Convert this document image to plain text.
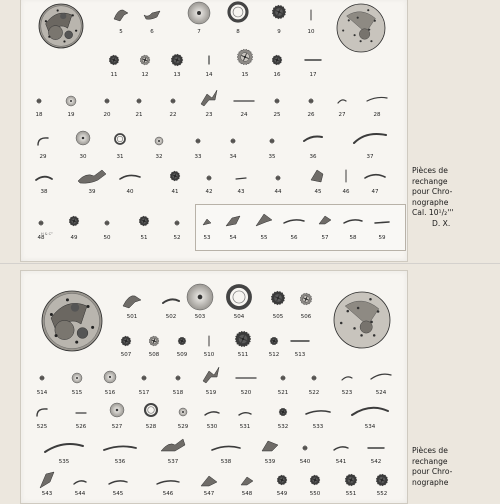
H & C°
Pièces de
rechange
pour Chro-
nographe
Cal. 10¹/₂'''
D. X.
Pièces de
rechange
pour Chro-
nographe
5	6	7	8	9	10
11	12	13	14	15	16	17
18	19	20	21	22	23	24	25	26	27	28
29	30	31	32	33	34	35	36	37
38	39	40	41	42	43	44	45	46	47
48	49	50	51	52	53	54	55	56	57	58	59
501	502	503	504	505	506
507	508	509	510	511	512	513
514	515	516	517	518	519	520	521	522	523	524
525	526	527	528	529	530	531	532	533	534
535	536	537	538	539	540	541	542
543	544	545	546	547	548	549	550	551	552
